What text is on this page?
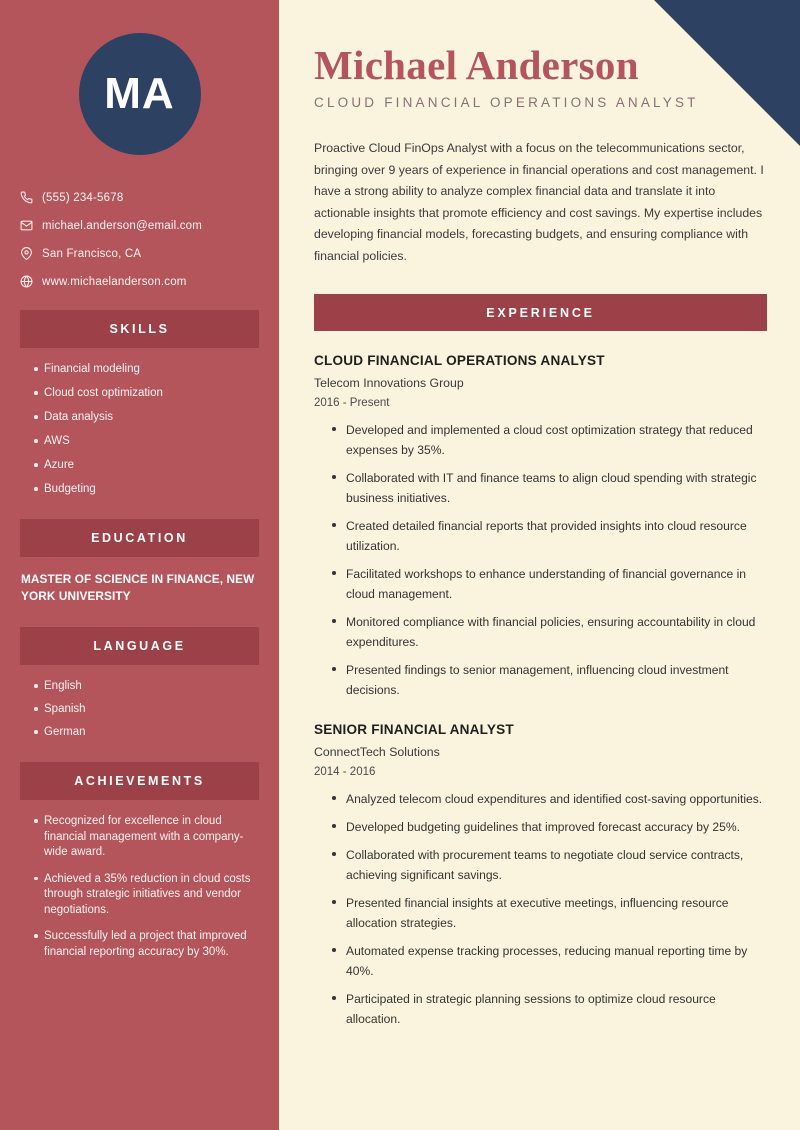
MA
(555) 234-5678
michael.anderson@email.com
San Francisco, CA
www.michaelanderson.com
SKILLS
Financial modeling
Cloud cost optimization
Data analysis
AWS
Azure
Budgeting
EDUCATION
MASTER OF SCIENCE IN FINANCE, NEW YORK UNIVERSITY
LANGUAGE
English
Spanish
German
ACHIEVEMENTS
Recognized for excellence in cloud financial management with a company-wide award.
Achieved a 35% reduction in cloud costs through strategic initiatives and vendor negotiations.
Successfully led a project that improved financial reporting accuracy by 30%.
Michael Anderson
CLOUD FINANCIAL OPERATIONS ANALYST
Proactive Cloud FinOps Analyst with a focus on the telecommunications sector, bringing over 9 years of experience in financial operations and cost management. I have a strong ability to analyze complex financial data and translate it into actionable insights that promote efficiency and cost savings. My expertise includes developing financial models, forecasting budgets, and ensuring compliance with financial policies.
EXPERIENCE
CLOUD FINANCIAL OPERATIONS ANALYST
Telecom Innovations Group
2016 - Present
Developed and implemented a cloud cost optimization strategy that reduced expenses by 35%.
Collaborated with IT and finance teams to align cloud spending with strategic business initiatives.
Created detailed financial reports that provided insights into cloud resource utilization.
Facilitated workshops to enhance understanding of financial governance in cloud management.
Monitored compliance with financial policies, ensuring accountability in cloud expenditures.
Presented findings to senior management, influencing cloud investment decisions.
SENIOR FINANCIAL ANALYST
ConnectTech Solutions
2014 - 2016
Analyzed telecom cloud expenditures and identified cost-saving opportunities.
Developed budgeting guidelines that improved forecast accuracy by 25%.
Collaborated with procurement teams to negotiate cloud service contracts, achieving significant savings.
Presented financial insights at executive meetings, influencing resource allocation strategies.
Automated expense tracking processes, reducing manual reporting time by 40%.
Participated in strategic planning sessions to optimize cloud resource allocation.
